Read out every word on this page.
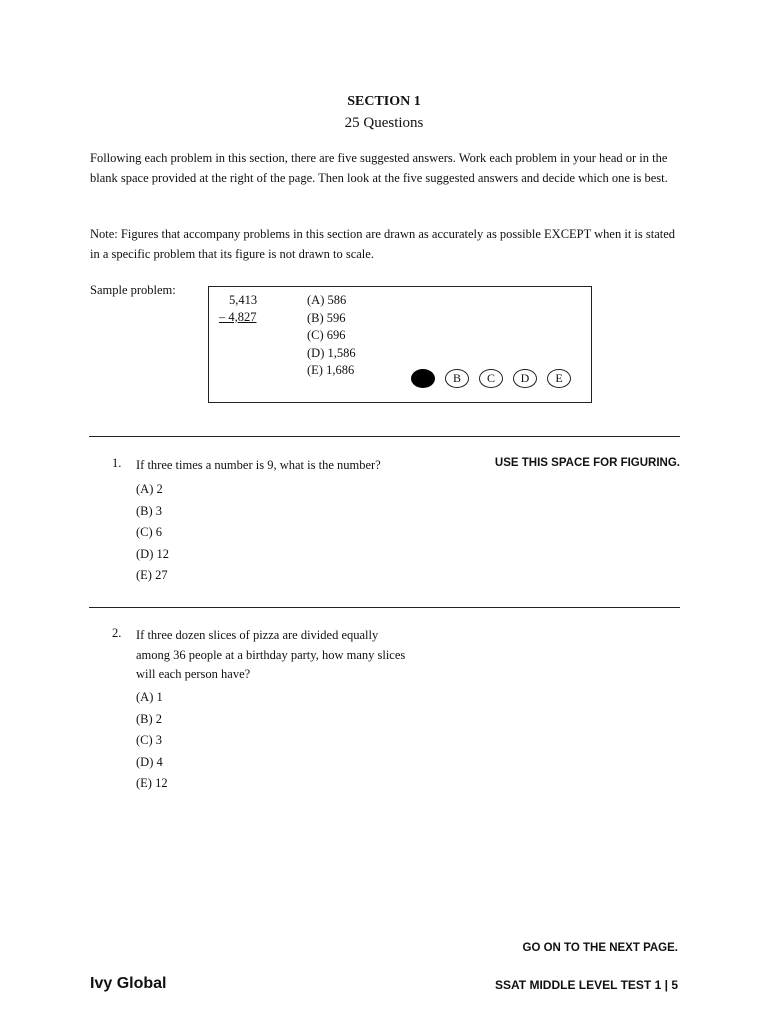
SECTION 1
25 Questions
Following each problem in this section, there are five suggested answers. Work each problem in your head or in the blank space provided at the right of the page. Then look at the five suggested answers and decide which one is best.
Note: Figures that accompany problems in this section are drawn as accurately as possible EXCEPT when it is stated in a specific problem that its figure is not drawn to scale.
Sample problem:
5,413
– 4,827
(A) 586
(B) 596
(C) 696
(D) 1,586
(E) 1,686
B	C	D	E
1. If three times a number is 9, what is the number?	USE THIS SPACE FOR FIGURING.
(A) 2
(B) 3
(C) 6
(D) 12
(E) 27
2. If three dozen slices of pizza are divided equally
among 36 people at a birthday party, how many slices
will each person have?
(A) 1
(B) 2
(C) 3
(D) 4
(E) 12
GO ON TO THE NEXT PAGE.
Ivy Global	SSAT MIDDLE LEVEL TEST 1 | 5
